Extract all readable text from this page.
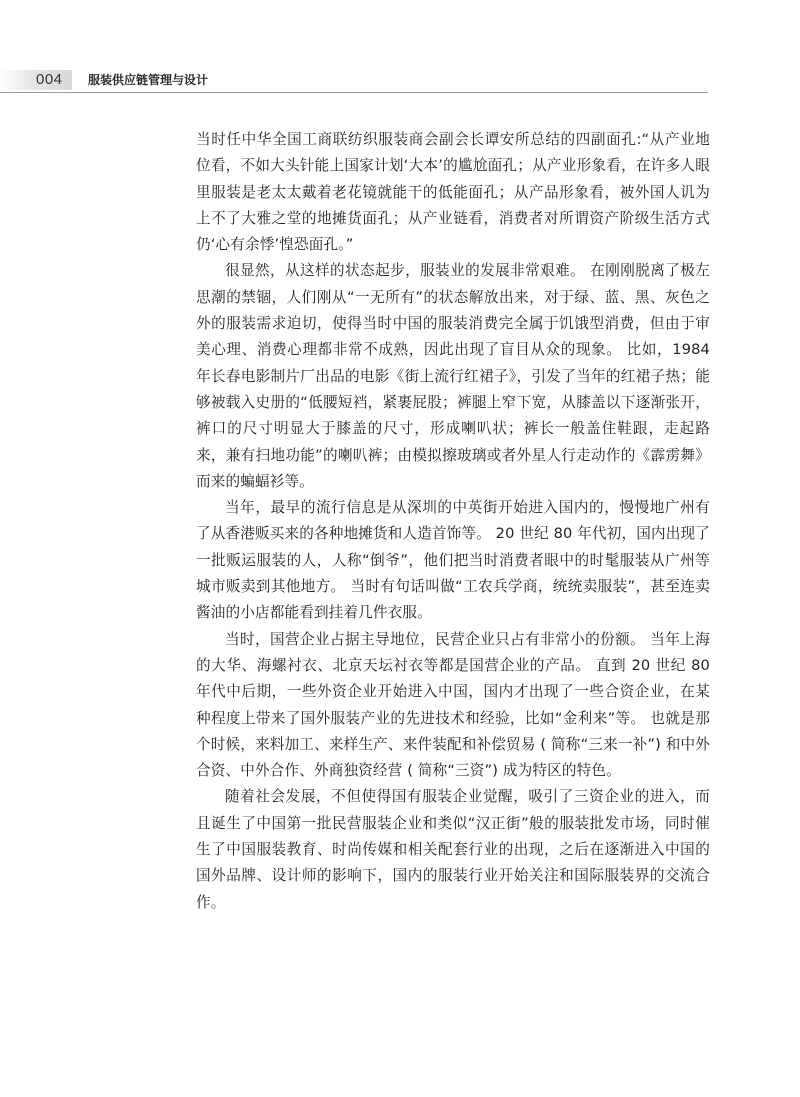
004 服装供应链管理与设计

当时任中华全国工商联纺织服装商会副会长谭安所总结的四副面孔:“从产业地位看，不如大头针能上国家计划‘大本’的尴尬面孔；从产业形象看，在许多人眼里服装是老太太戴着老花镜就能干的低能面孔；从产品形象看，被外国人讥为上不了大雅之堂的地摊货面孔；从产业链看，消费者对所谓资产阶级生活方式仍‘心有余悸’惶恐面孔。”

很显然，从这样的状态起步，服装业的发展非常艰难。 在刚刚脱离了极左思潮的禁锢，人们刚从“一无所有”的状态解放出来，对于绿、蓝、黑、灰色之外的服装需求迫切，使得当时中国的服装消费完全属于饥饿型消费，但由于审美心理、消费心理都非常不成熟，因此出现了盲目从众的现象。 比如，1984 年长春电影制片厂出品的电影《街上流行红裙子》，引发了当年的红裙子热；能够被载入史册的“低腰短裆，紧裹屁股；裤腿上窄下宽，从膝盖以下逐渐张开，裤口的尺寸明显大于膝盖的尺寸，形成喇叭状；裤长一般盖住鞋跟，走起路来，兼有扫地功能”的喇叭裤；由模拟擦玻璃或者外星人行走动作的《霹雳舞》而来的蝙蝠衫等。

当年，最早的流行信息是从深圳的中英街开始进入国内的，慢慢地广州有了从香港贩买来的各种地摊货和人造首饰等。 20 世纪 80 年代初，国内出现了一批贩运服装的人，人称“倒爷”，他们把当时消费者眼中的时髦服装从广州等城市贩卖到其他地方。 当时有句话叫做“工农兵学商，统统卖服装”，甚至连卖酱油的小店都能看到挂着几件衣服。

当时，国营企业占据主导地位，民营企业只占有非常小的份额。 当年上海的大华、海螺衬衣、北京天坛衬衣等都是国营企业的产品。 直到 20 世纪 80 年代中后期，一些外资企业开始进入中国，国内才出现了一些合资企业，在某种程度上带来了国外服装产业的先进技术和经验，比如“金利来”等。 也就是那个时候，来料加工、来样生产、来件装配和补偿贸易 ( 简称“三来一补”) 和中外合资、中外合作、外商独资经营 ( 简称“三资”) 成为特区的特色。

随着社会发展，不但使得国有服装企业觉醒，吸引了三资企业的进入，而且诞生了中国第一批民营服装企业和类似“汉正街”般的服装批发市场，同时催生了中国服装教育、时尚传媒和相关配套行业的出现，之后在逐渐进入中国的国外品牌、设计师的影响下，国内的服装行业开始关注和国际服装界的交流合作。
